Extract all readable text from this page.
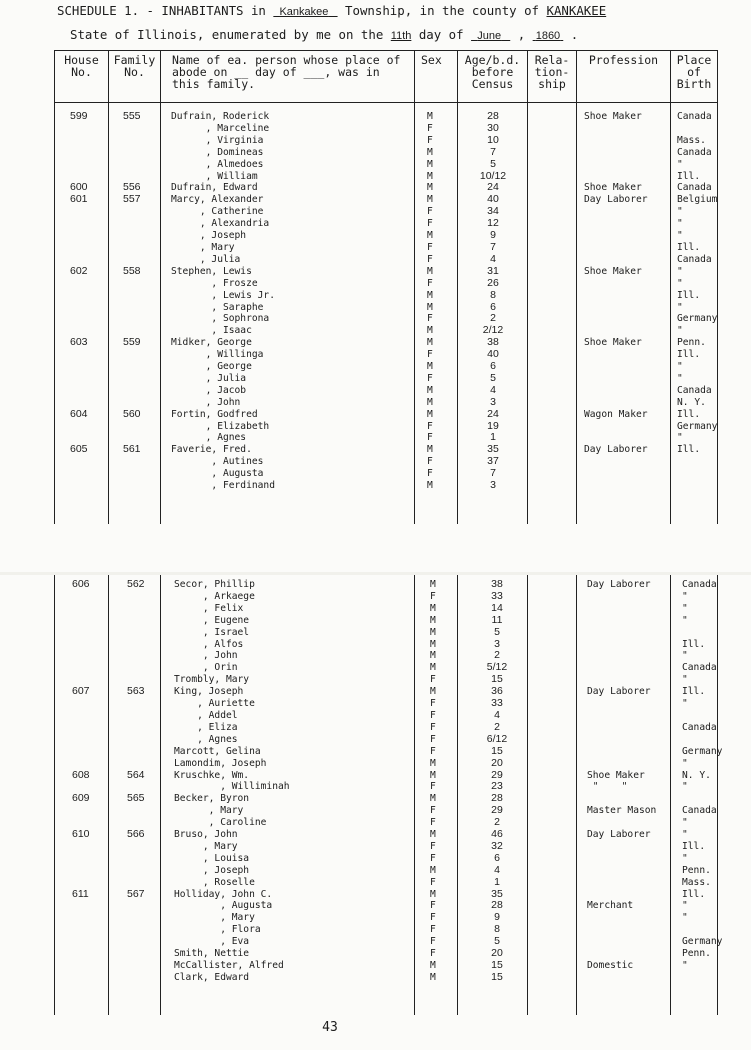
SCHEDULE 1. - INHABITANTS in Kankakee Township, in the county of KANKAKEE
State of Illinois, enumerated by me on the 11th day of June , 1860 .
House
No.
Family
No.
Name of ea. person whose place of
abode on __ day of ___, was in
this family.
Sex	Age/b.d.
before
Census
Rela-
tion-
ship
Profession	Place
of
Birth
599

600
601

602

603

604

605
555

556
557

558

559

560

561
Dufrain, Roderick
, Marceline
, Virginia
, Domineas
, Almedoes
, William
Dufrain, Edward
Marcy, Alexander
, Catherine
, Alexandria
, Joseph
, Mary
, Julia
Stephen, Lewis
, Frosze
, Lewis Jr.
, Saraphe
, Sophrona
, Isaac
Midker, George
, Willinga
, George
, Julia
, Jacob
, John
Fortin, Godfred
, Elizabeth
, Agnes
Faverie, Fred.
, Autines
, Augusta
, Ferdinand
M
F
F
M
M
M
M
M
F
F
M
F
F
M
F
M
M
F
M
M
F
M
F
M
M
M
F
F
M
F
F
M
28
30
10
7
5
10/12
24
40
34
12
9
7
4
31
26
8
6
2
2/12
38
40
6
5
4
3
24
19
1
35
37
7
3
Shoe Maker

Shoe Maker
Day Laborer

Shoe Maker

Shoe Maker

Wagon Maker

Day Laborer
Canada

Mass.
Canada
"
Ill.
Canada
Belgium
"
"
"
Ill.
Canada
"
"
Ill.
"
Germany
"
Penn.
Ill.
"
"
Canada
N. Y.
Ill.
Germany
"
Ill.
606

607

608

609

610

611
562

563

564

565

566

567
Secor, Phillip
, Arkaege
, Felix
, Eugene
, Israel
, Alfos
, John
, Orin
Trombly, Mary
King, Joseph
, Auriette
, Addel
, Eliza
, Agnes
Marcott, Gelina
Lamondim, Joseph
Kruschke, Wm.
, Williminah
Becker, Byron
, Mary
, Caroline
Bruso, John
, Mary
, Louisa
, Joseph
, Roselle
Holliday, John C.
, Augusta
, Mary
, Flora
, Eva
Smith, Nettie
McCallister, Alfred
Clark, Edward
M
F
M
M
M
M
M
M
F
M
F
F
F
F
F
M
M
F
M
F
F
M
F
F
M
F
M
F
F
F
F
F
M
M
38
33
14
11
5
3
2
5/12
15
36
33
4
2
6/12
15
20
29
23
28
29
2
46
32
6
4
1
35
28
9
8
5
20
15
15
Day Laborer

Day Laborer

Shoe Maker
"    "

Master Mason

Day Laborer

Merchant

Domestic
Canada
"
"
"

Ill.
"
Canada
"
Ill.
"

Canada

Germany
"
N. Y.
"

Canada
"
"
Ill.
"
Penn.
Mass.
Ill.
"
"

Germany
Penn.
"
43
